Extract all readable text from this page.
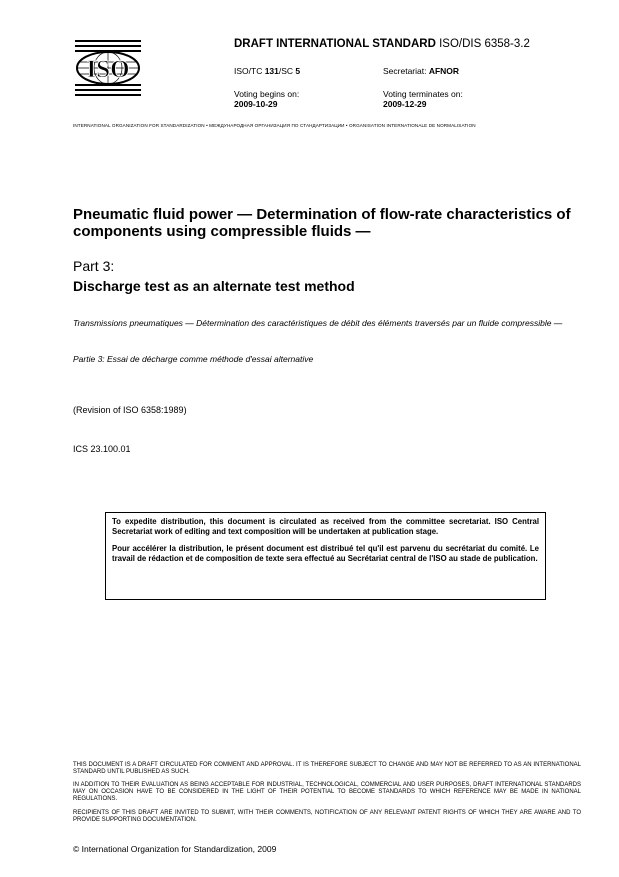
ISO
DRAFT INTERNATIONAL STANDARD ISO/DIS 6358-3.2
ISO/TC 131/SC 5	Secretariat: AFNOR
Voting begins on:
2009-10-29
Voting terminates on:
2009-12-29
INTERNATIONAL ORGANIZATION FOR STANDARDIZATION • МЕЖДУНАРОДНАЯ ОРГАНИЗАЦИЯ ПО СТАНДАРТИЗАЦИИ • ORGANISATION INTERNATIONALE DE NORMALISATION
Pneumatic fluid power — Determination of flow-rate characteristics of components using compressible fluids —
Part 3:
Discharge test as an alternate test method
Transmissions pneumatiques — Détermination des caractéristiques de débit des éléments traversés par un fluide compressible —
Partie 3: Essai de décharge comme méthode d'essai alternative
(Revision of ISO 6358:1989)
ICS 23.100.01

To expedite distribution, this document is circulated as received from the committee secretariat. ISO Central Secretariat work of editing and text composition will be undertaken at publication stage.

Pour accélérer la distribution, le présent document est distribué tel qu'il est parvenu du secrétariat du comité. Le travail de rédaction et de composition de texte sera effectué au Secrétariat central de l'ISO au stade de publication.

THIS DOCUMENT IS A DRAFT CIRCULATED FOR COMMENT AND APPROVAL. IT IS THEREFORE SUBJECT TO CHANGE AND MAY NOT BE REFERRED TO AS AN INTERNATIONAL STANDARD UNTIL PUBLISHED AS SUCH.
IN ADDITION TO THEIR EVALUATION AS BEING ACCEPTABLE FOR INDUSTRIAL, TECHNOLOGICAL, COMMERCIAL AND USER PURPOSES, DRAFT INTERNATIONAL STANDARDS MAY ON OCCASION HAVE TO BE CONSIDERED IN THE LIGHT OF THEIR POTENTIAL TO BECOME STANDARDS TO WHICH REFERENCE MAY BE MADE IN NATIONAL REGULATIONS.
RECIPIENTS OF THIS DRAFT ARE INVITED TO SUBMIT, WITH THEIR COMMENTS, NOTIFICATION OF ANY RELEVANT PATENT RIGHTS OF WHICH THEY ARE AWARE AND TO PROVIDE SUPPORTING DOCUMENTATION.
© International Organization for Standardization, 2009
